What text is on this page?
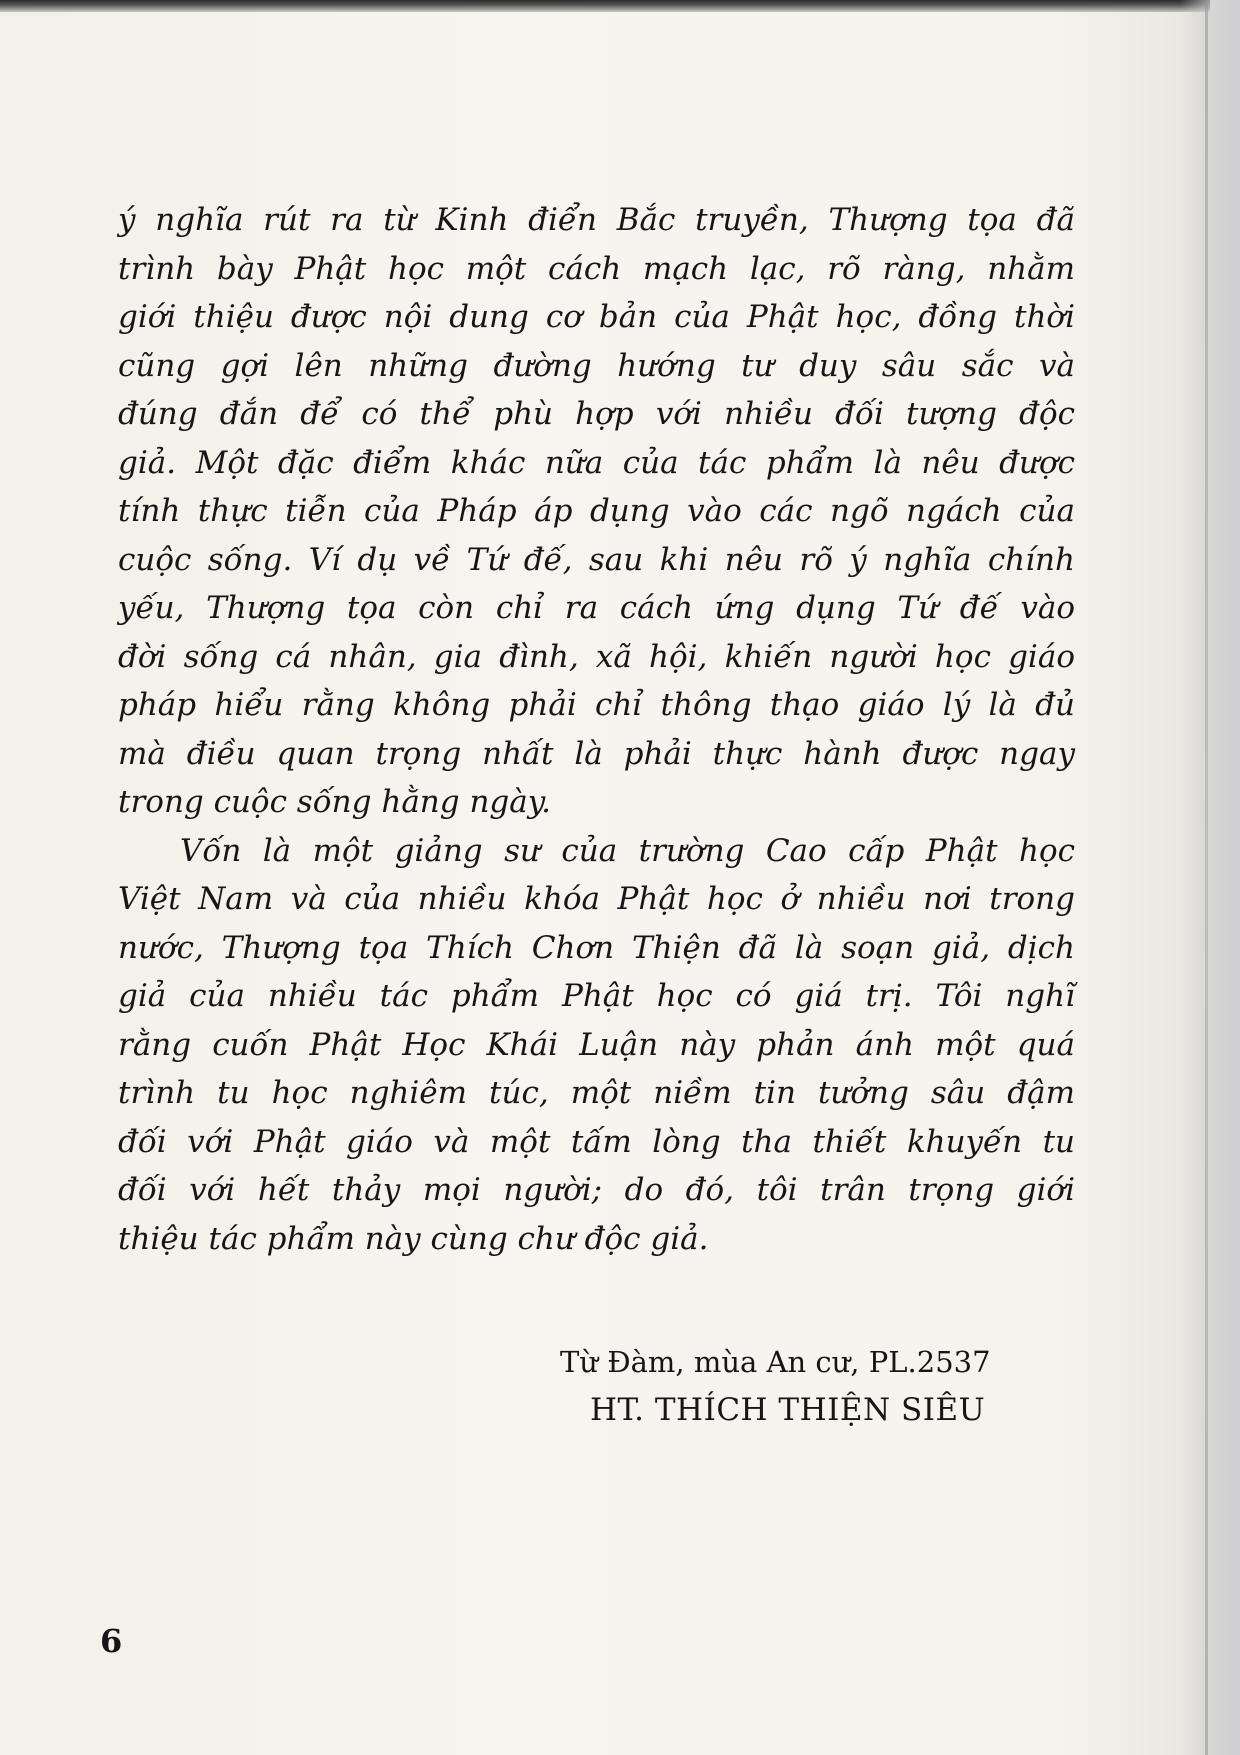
ý nghĩa rút ra từ Kinh điển Bắc truyền, Thượng tọa đã
trình bày Phật học một cách mạch lạc, rõ ràng, nhằm
giới thiệu được nội dung cơ bản của Phật học, đồng thời
cũng gợi lên những đường hướng tư duy sâu sắc và
đúng đắn để có thể phù hợp với nhiều đối tượng độc
giả. Một đặc điểm khác nữa của tác phẩm là nêu được
tính thực tiễn của Pháp áp dụng vào các ngõ ngách của
cuộc sống. Ví dụ về Tứ đế, sau khi nêu rõ ý nghĩa chính
yếu, Thượng tọa còn chỉ ra cách ứng dụng Tứ đế vào
đời sống cá nhân, gia đình, xã hội, khiến người học giáo
pháp hiểu rằng không phải chỉ thông thạo giáo lý là đủ
mà điều quan trọng nhất là phải thực hành được ngay
trong cuộc sống hằng ngày.
Vốn là một giảng sư của trường Cao cấp Phật học
Việt Nam và của nhiều khóa Phật học ở nhiều nơi trong
nước, Thượng tọa Thích Chơn Thiện đã là soạn giả, dịch
giả của nhiều tác phẩm Phật học có giá trị. Tôi nghĩ
rằng cuốn Phật Học Khái Luận này phản ánh một quá
trình tu học nghiêm túc, một niềm tin tưởng sâu đậm
đối với Phật giáo và một tấm lòng tha thiết khuyến tu
đối với hết thảy mọi người; do đó, tôi trân trọng giới
thiệu tác phẩm này cùng chư độc giả.
Từ Đàm, mùa An cư, PL.2537
HT. THÍCH THIỆN SIÊU
6
